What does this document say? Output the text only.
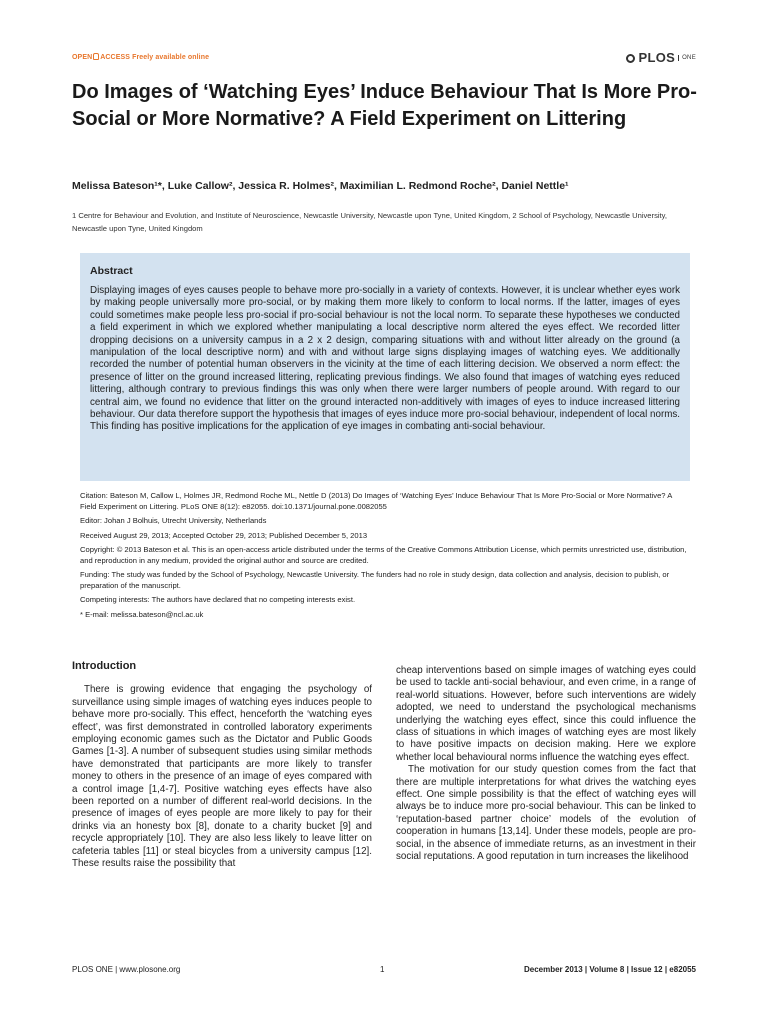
OPEN ACCESS Freely available online	PLOS $^{ONE}$
Do Images of ‘Watching Eyes’ Induce Behaviour That Is More Pro-Social or More Normative? A Field Experiment on Littering
Melissa Bateson¹*, Luke Callow², Jessica R. Holmes², Maximilian L. Redmond Roche², Daniel Nettle¹
1 Centre for Behaviour and Evolution, and Institute of Neuroscience, Newcastle University, Newcastle upon Tyne, United Kingdom, 2 School of Psychology, Newcastle University, Newcastle upon Tyne, United Kingdom
Abstract

Displaying images of eyes causes people to behave more pro-socially in a variety of contexts. However, it is unclear whether eyes work by making people universally more pro-social, or by making them more likely to conform to local norms. If the latter, images of eyes could sometimes make people less pro-social if pro-social behaviour is not the local norm. To separate these hypotheses we conducted a field experiment in which we explored whether manipulating a local descriptive norm altered the eyes effect. We recorded litter dropping decisions on a university campus in a 2 x 2 design, comparing situations with and without litter already on the ground (a manipulation of the local descriptive norm) and with and without large signs displaying images of watching eyes. We additionally recorded the number of potential human observers in the vicinity at the time of each littering decision. We observed a norm effect: the presence of litter on the ground increased littering, replicating previous findings. We also found that images of watching eyes reduced littering, although contrary to previous findings this was only when there were larger numbers of people around. With regard to our central aim, we found no evidence that litter on the ground interacted non-additively with images of eyes to induce increased littering behaviour. Our data therefore support the hypothesis that images of eyes induce more pro-social behaviour, independent of local norms. This finding has positive implications for the application of eye images in combating anti-social behaviour.

Citation: Bateson M, Callow L, Holmes JR, Redmond Roche ML, Nettle D (2013) Do Images of ‘Watching Eyes’ Induce Behaviour That Is More Pro-Social or More Normative? A Field Experiment on Littering. PLoS ONE 8(12): e82055. doi:10.1371/journal.pone.0082055
Editor: Johan J Bolhuis, Utrecht University, Netherlands
Received August 29, 2013; Accepted October 29, 2013; Published December 5, 2013
Copyright: © 2013 Bateson et al. This is an open-access article distributed under the terms of the Creative Commons Attribution License, which permits unrestricted use, distribution, and reproduction in any medium, provided the original author and source are credited.
Funding: The study was funded by the School of Psychology, Newcastle University. The funders had no role in study design, data collection and analysis, decision to publish, or preparation of the manuscript.
Competing interests: The authors have declared that no competing interests exist.
* E-mail: melissa.bateson@ncl.ac.uk
Introduction

There is growing evidence that engaging the psychology of surveillance using simple images of watching eyes induces people to behave more pro-socially. This effect, henceforth the ‘watching eyes effect’, was first demonstrated in controlled laboratory experiments employing economic games such as the Dictator and Public Goods Games [1-3]. A number of subsequent studies using similar methods have demonstrated that participants are more likely to transfer money to others in the presence of an image of eyes compared with a control image [1,4-7]. Positive watching eyes effects have also been reported on a number of different real-world decisions. In the presence of images of eyes people are more likely to pay for their drinks via an honesty box [8], donate to a charity bucket [9] and recycle appropriately [10]. They are also less likely to leave litter on cafeteria tables [11] or steal bicycles from a university campus [12]. These results raise the possibility that

cheap interventions based on simple images of watching eyes could be used to tackle anti-social behaviour, and even crime, in a range of real-world situations. However, before such interventions are widely adopted, we need to understand the psychological mechanisms underlying the watching eyes effect, since this could influence the class of situations in which images of watching eyes are most likely to have positive impacts on decision making. Here we explore whether local behavioural norms influence the watching eyes effect.

The motivation for our study question comes from the fact that there are multiple interpretations for what drives the watching eyes effect. One simple possibility is that the effect of watching eyes will always be to induce more pro-social behaviour. This can be linked to ‘reputation-based partner choice’ models of the evolution of cooperation in humans [13,14]. Under these models, people are pro-social, in the absence of immediate returns, as an investment in their social reputations. A good reputation in turn increases the likelihood

PLOS ONE | www.plosone.org	1	December 2013 | Volume 8 | Issue 12 | e82055
